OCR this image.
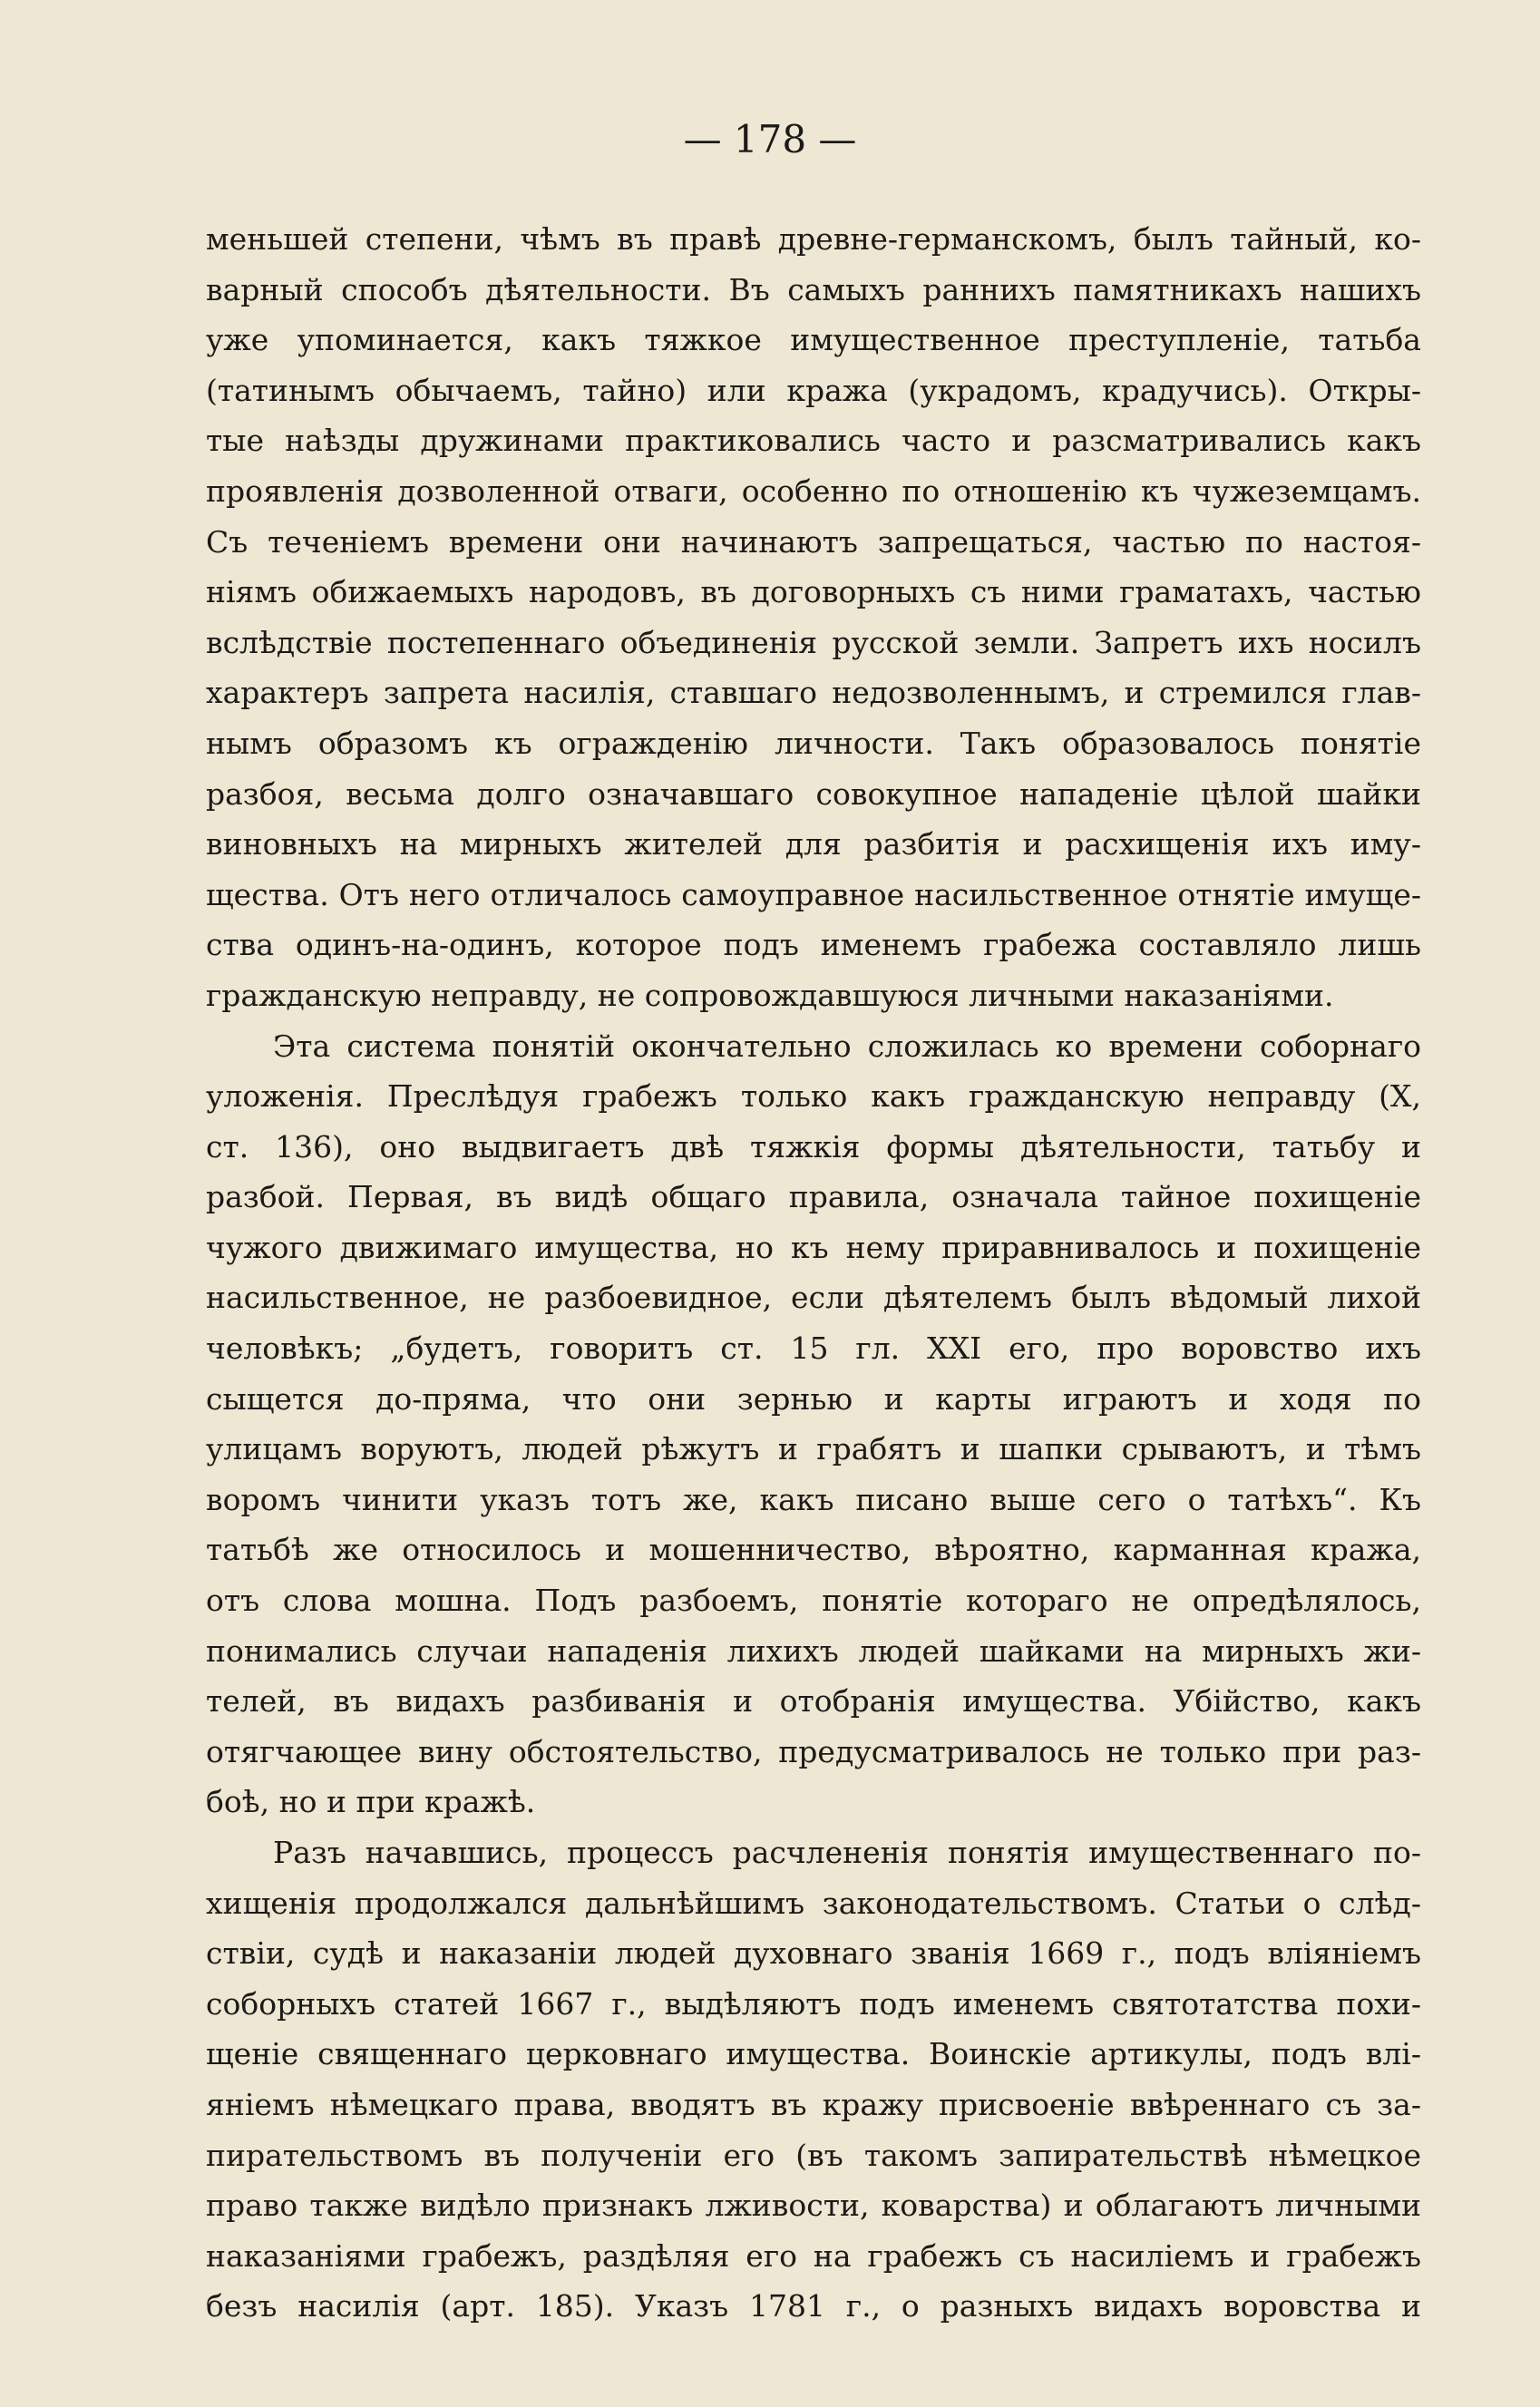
— 178 —
меньшей степени, чѣмъ въ правѣ древне-германскомъ, былъ тайный, ко-
варный способъ дѣятельности. Въ самыхъ раннихъ памятникахъ нашихъ
уже упоминается, какъ тяжкое имущественное преступленіе, татьба
(татинымъ обычаемъ, тайно) или кража (украдомъ, крадучись). Откры-
тые наѣзды дружинами практиковались часто и разсматривались какъ
проявленія дозволенной отваги, особенно по отношенію къ чужеземцамъ.
Съ теченіемъ времени они начинаютъ запрещаться, частью по настоя-
ніямъ обижаемыхъ народовъ, въ договорныхъ съ ними граматахъ, частью
вслѣдствіе постепеннаго объединенія русской земли. Запретъ ихъ носилъ
характеръ запрета насилія, ставшаго недозволеннымъ, и стремился глав-
нымъ образомъ къ огражденію личности. Такъ образовалось понятіе
разбоя, весьма долго означавшаго совокупное нападеніе цѣлой шайки
виновныхъ на мирныхъ жителей для разбитія и расхищенія ихъ иму-
щества. Отъ него отличалось самоуправное насильственное отнятіе имуще-
ства одинъ-на-одинъ, которое подъ именемъ грабежа составляло лишь
гражданскую неправду, не сопровождавшуюся личными наказаніями.
Эта система понятій окончательно сложилась ко времени соборнаго
уложенія. Преслѣдуя грабежъ только какъ гражданскую неправду (X,
ст. 136), оно выдвигаетъ двѣ тяжкія формы дѣятельности, татьбу и
разбой. Первая, въ видѣ общаго правила, означала тайное похищеніе
чужого движимаго имущества, но къ нему приравнивалось и похищеніе
насильственное, не разбоевидное, если дѣятелемъ былъ вѣдомый лихой
человѣкъ; „будетъ, говоритъ ст. 15 гл. XXI его, про воровство ихъ
сыщется до-пряма, что они зернью и карты играютъ и ходя по
улицамъ воруютъ, людей рѣжутъ и грабятъ и шапки срываютъ, и тѣмъ
воромъ чинити указъ тотъ же, какъ писано выше сего о татѣхъ“. Къ
татьбѣ же относилось и мошенничество, вѣроятно, карманная кража,
отъ слова мошна. Подъ разбоемъ, понятіе котораго не опредѣлялось,
понимались случаи нападенія лихихъ людей шайками на мирныхъ жи-
телей, въ видахъ разбиванія и отобранія имущества. Убійство, какъ
отягчающее вину обстоятельство, предусматривалось не только при раз-
боѣ, но и при кражѣ.
Разъ начавшись, процессъ расчлененія понятія имущественнаго по-
хищенія продолжался дальнѣйшимъ законодательствомъ. Статьи о слѣд-
ствіи, судѣ и наказаніи людей духовнаго званія 1669 г., подъ вліяніемъ
соборныхъ статей 1667 г., выдѣляютъ подъ именемъ святотатства похи-
щеніе священнаго церковнаго имущества. Воинскіе артикулы, подъ влі-
яніемъ нѣмецкаго права, вводятъ въ кражу присвоеніе ввѣреннаго съ за-
пирательствомъ въ полученіи его (въ такомъ запирательствѣ нѣмецкое
право также видѣло признакъ лживости, коварства) и облагаютъ личными
наказаніями грабежъ, раздѣляя его на грабежъ съ насиліемъ и грабежъ
безъ насилія (арт. 185). Указъ 1781 г., о разныхъ видахъ воровства и
